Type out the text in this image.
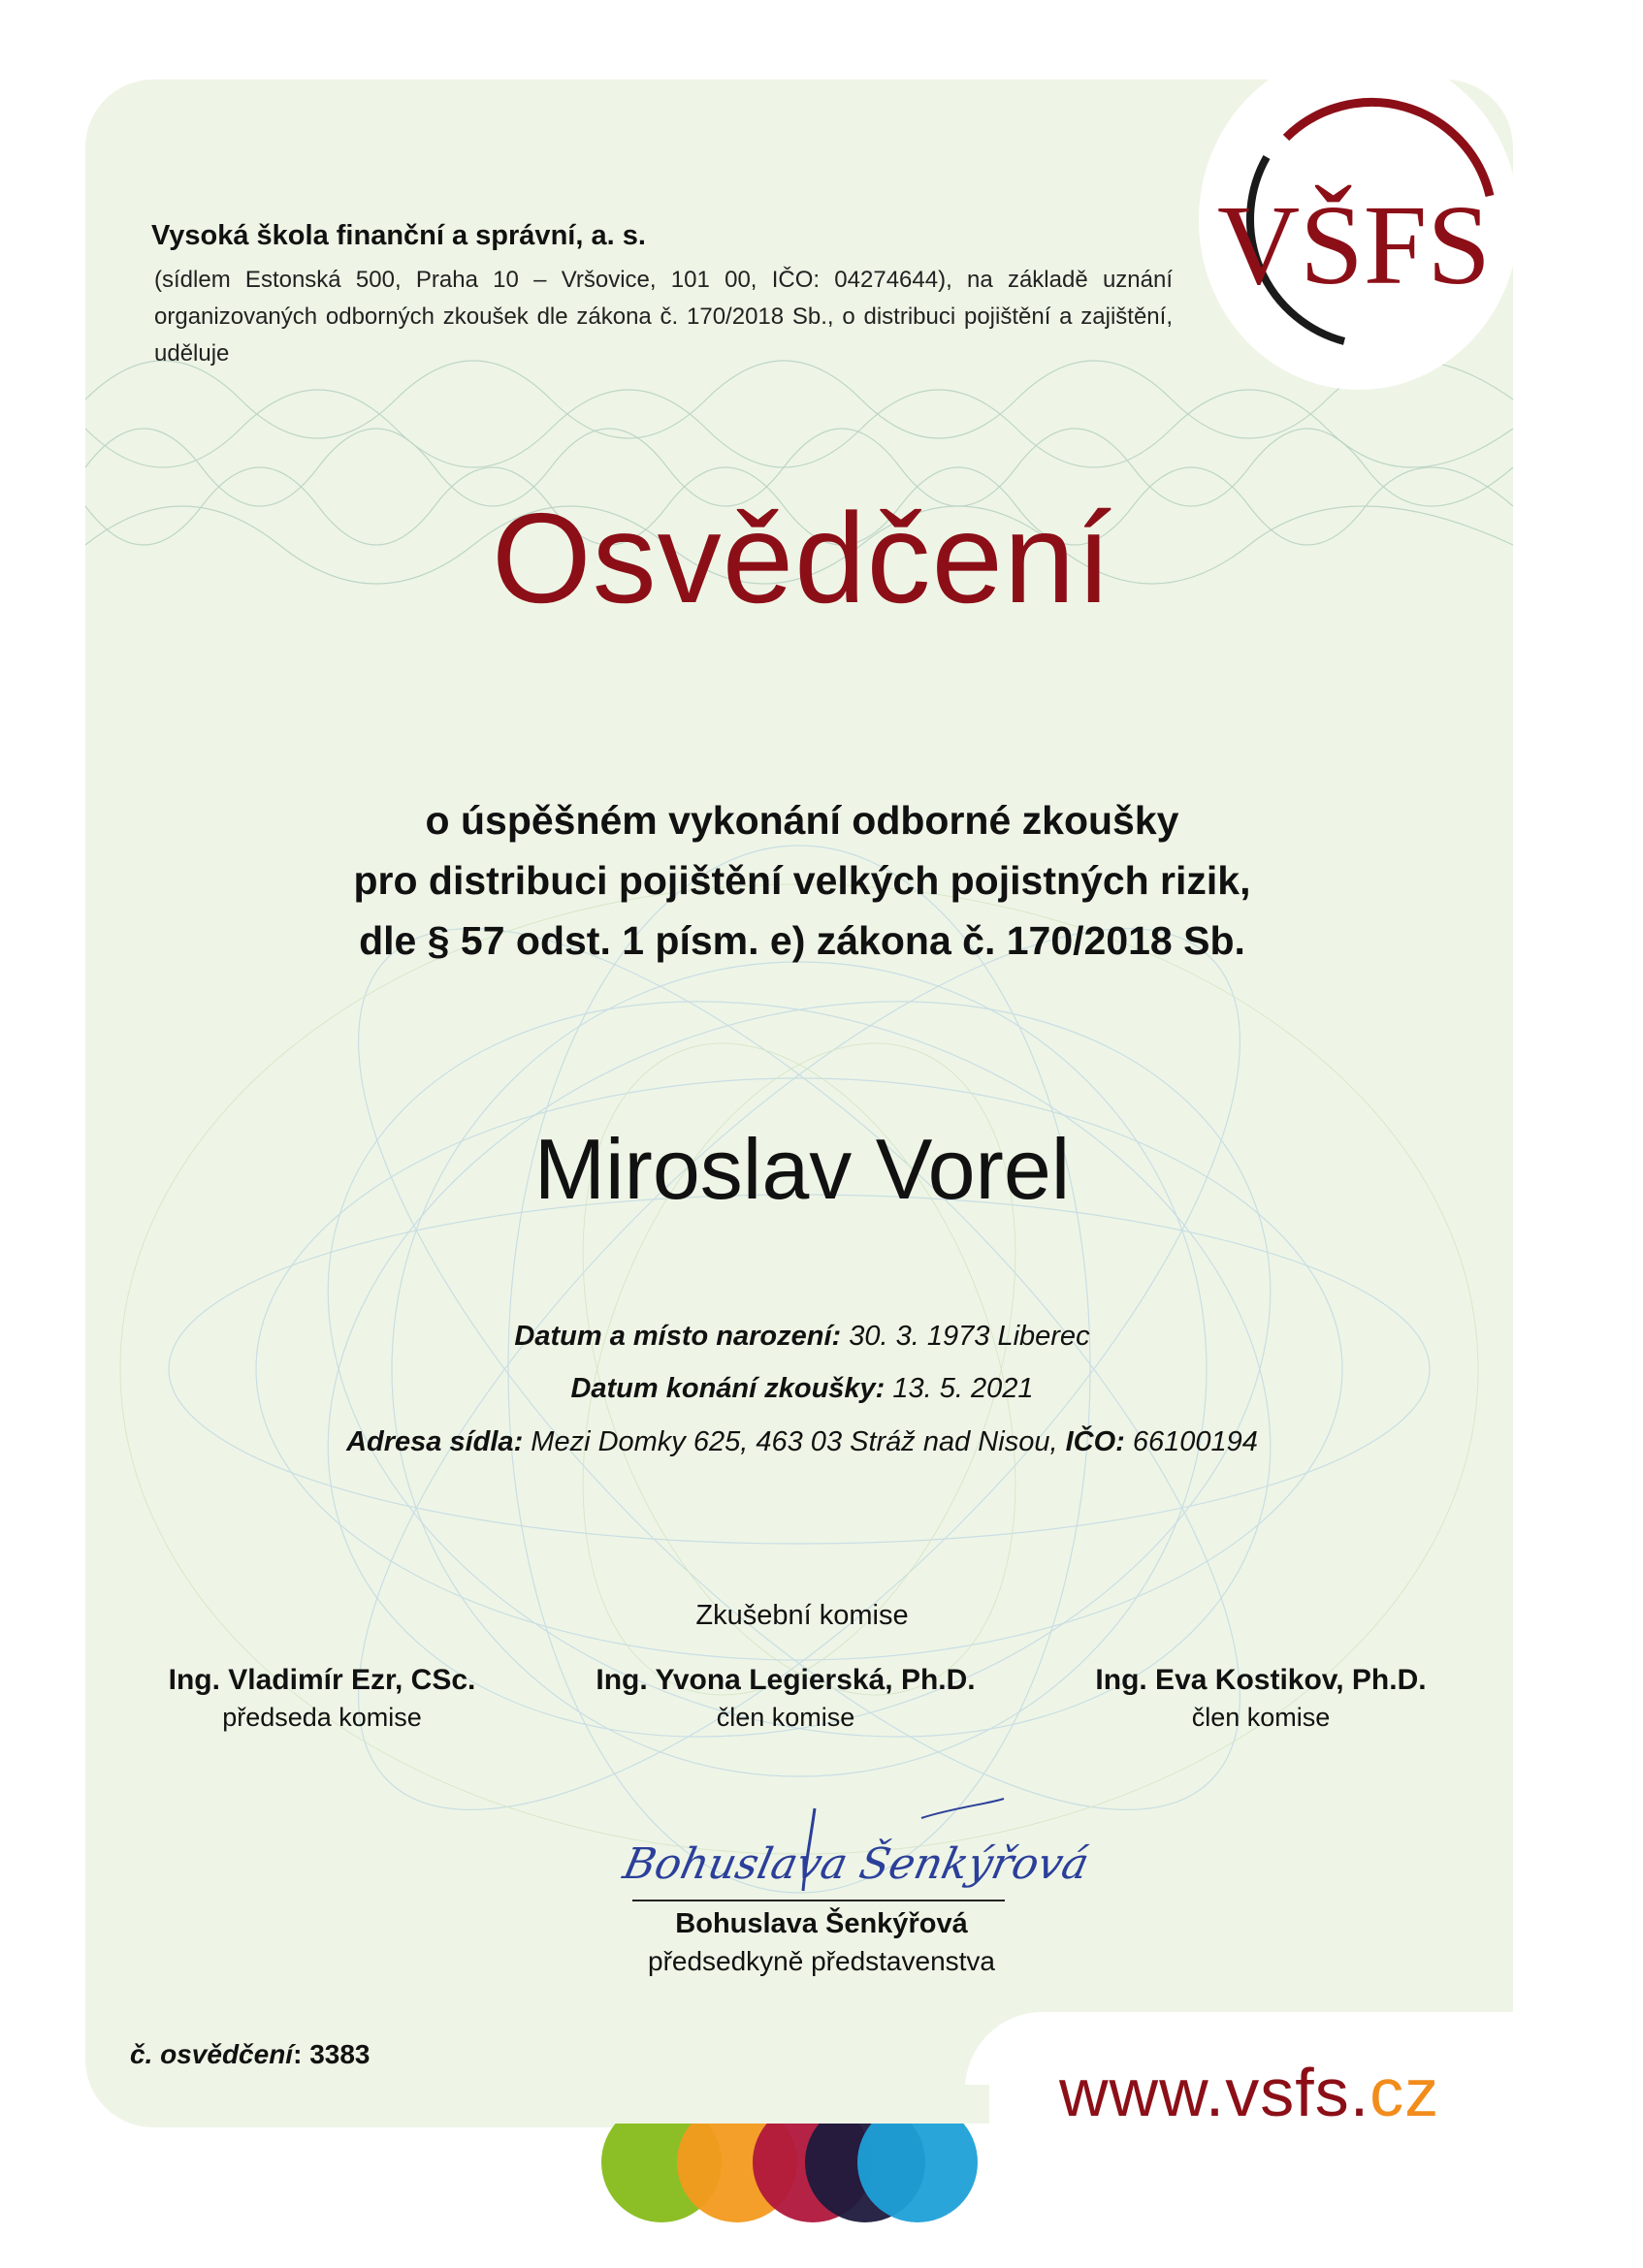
VŠFS
Vysoká škola finanční a správní, a. s.
(sídlem Estonská 500, Praha 10 – Vršovice, 101 00, IČO: 04274644), na základě uznání organizovaných odborných zkoušek dle zákona č. 170/2018 Sb., o distribuci pojištění a zajištění, uděluje
Osvědčení
o úspěšném vykonání odborné zkoušky
pro distribuci pojištění velkých pojistných rizik,
dle § 57 odst. 1 písm. e) zákona č. 170/2018 Sb.
Miroslav Vorel
Datum a místo narození: 30. 3. 1973 Liberec
Datum konání zkoušky: 13. 5. 2021
Adresa sídla: Mezi Domky 625, 463 03 Stráž nad Nisou, IČO: 66100194
Zkušební komise
Ing. Vladimír Ezr, CSc.
předseda komise
Ing. Yvona Legierská, Ph.D.
člen komise
Ing. Eva Kostikov, Ph.D.
člen komise
Bohuslava Šenkýřová
Bohuslava Šenkýřová
předsedkyně představenstva
č. osvědčení: 3383
www.vsfs.cz
